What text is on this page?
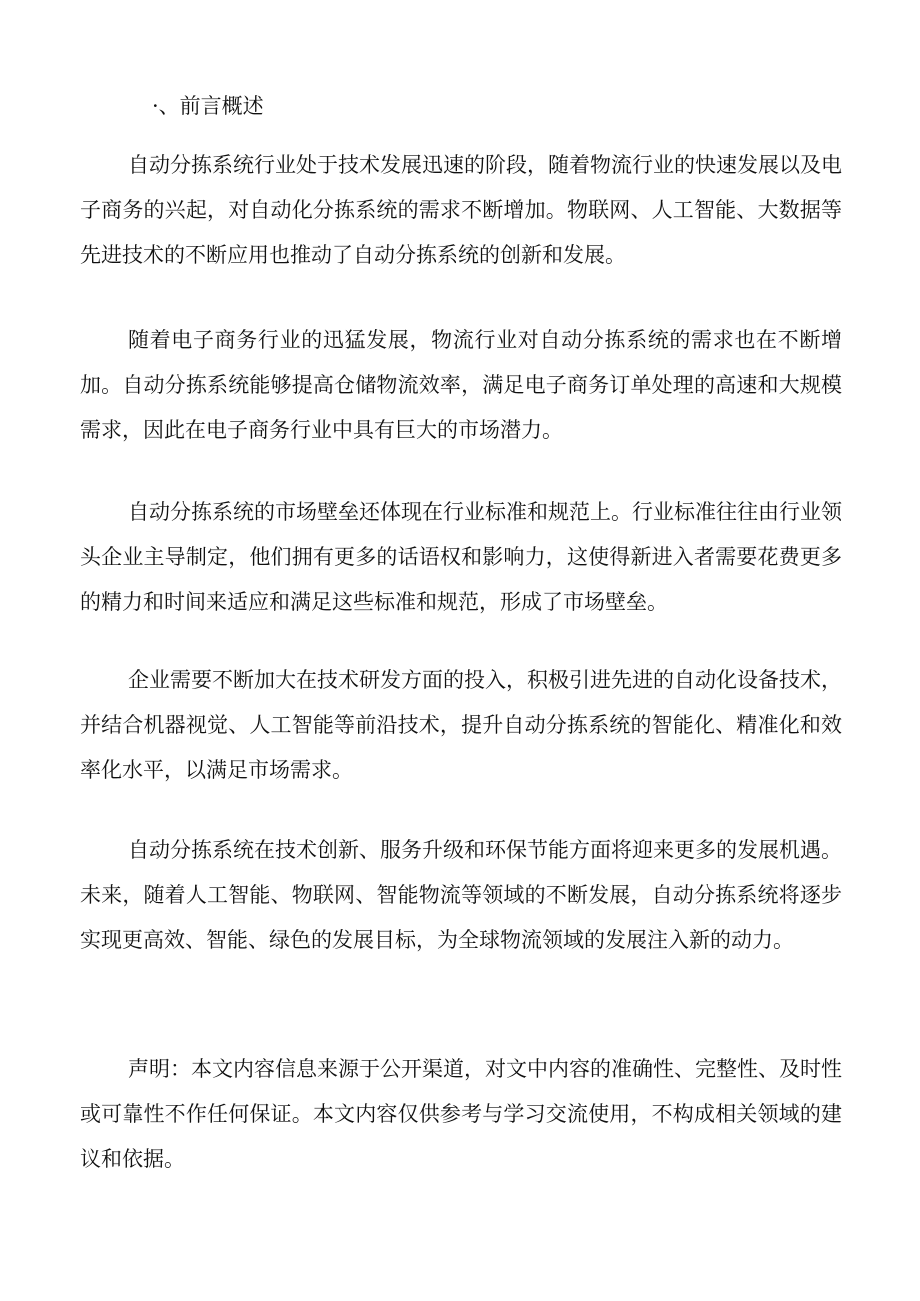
·、前言概述

自动分拣系统行业处于技术发展迅速的阶段，随着物流行业的快速发展以及电子商务的兴起，对自动化分拣系统的需求不断增加。物联网、人工智能、大数据等先进技术的不断应用也推动了自动分拣系统的创新和发展。

随着电子商务行业的迅猛发展，物流行业对自动分拣系统的需求也在不断增加。自动分拣系统能够提高仓储物流效率，满足电子商务订单处理的高速和大规模需求，因此在电子商务行业中具有巨大的市场潜力。

自动分拣系统的市场壁垒还体现在行业标准和规范上。行业标准往往由行业领头企业主导制定，他们拥有更多的话语权和影响力，这使得新进入者需要花费更多的精力和时间来适应和满足这些标准和规范，形成了市场壁垒。

企业需要不断加大在技术研发方面的投入，积极引进先进的自动化设备技术，并结合机器视觉、人工智能等前沿技术，提升自动分拣系统的智能化、精准化和效率化水平，以满足市场需求。

自动分拣系统在技术创新、服务升级和环保节能方面将迎来更多的发展机遇。未来，随着人工智能、物联网、智能物流等领域的不断发展，自动分拣系统将逐步实现更高效、智能、绿色的发展目标，为全球物流领域的发展注入新的动力。

声明：本文内容信息来源于公开渠道，对文中内容的准确性、完整性、及时性或可靠性不作任何保证。本文内容仅供参考与学习交流使用，不构成相关领域的建议和依据。
